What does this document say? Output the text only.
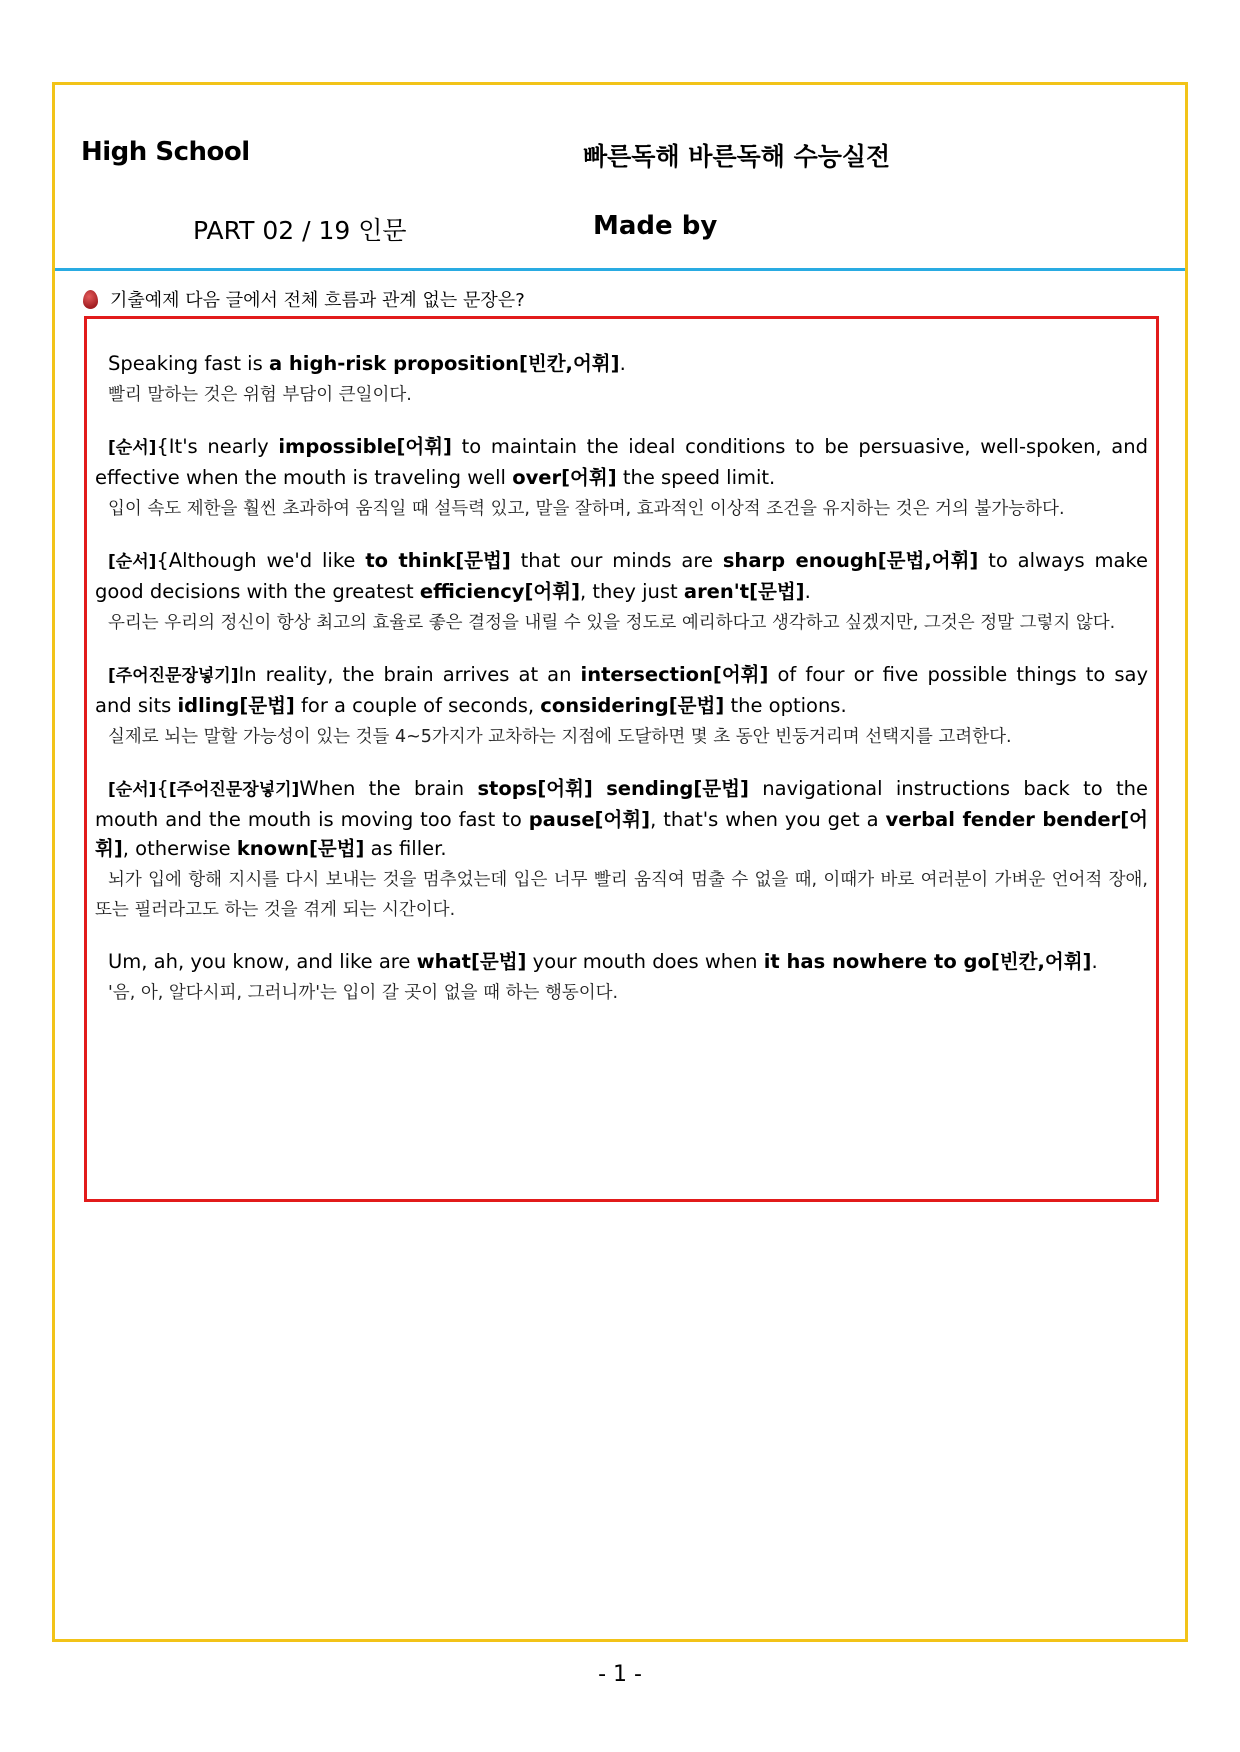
High School	빠른독해 바른독해 수능실전
PART 02 / 19 인문	Made by
기출예제 다음 글에서 전체 흐름과 관계 없는 문장은?
Speaking fast is a high-risk proposition[빈칸,어휘].
빨리 말하는 것은 위험 부담이 큰일이다.
[순서]{It's nearly impossible[어휘] to maintain the ideal conditions to be persuasive, well-spoken, and effective when the mouth is traveling well over[어휘] the speed limit.
입이 속도 제한을 훨씬 초과하여 움직일 때 설득력 있고, 말을 잘하며, 효과적인 이상적 조건을 유지하는 것은 거의 불가능하다.
[순서]{Although we'd like to think[문법] that our minds are sharp enough[문법,어휘] to always make good decisions with the greatest efficiency[어휘], they just aren't[문법].
우리는 우리의 정신이 항상 최고의 효율로 좋은 결정을 내릴 수 있을 정도로 예리하다고 생각하고 싶겠지만, 그것은 정말 그렇지 않다.
[주어진문장넣기]In reality, the brain arrives at an intersection[어휘] of four or five possible things to say and sits idling[문법] for a couple of seconds, considering[문법] the options.
실제로 뇌는 말할 가능성이 있는 것들 4~5가지가 교차하는 지점에 도달하면 몇 초 동안 빈둥거리며 선택지를 고려한다.
[순서]{[주어진문장넣기]When the brain stops[어휘] sending[문법] navigational instructions back to the mouth and the mouth is moving too fast to pause[어휘], that's when you get a verbal fender bender[어휘], otherwise known[문법] as filler.
뇌가 입에 항해 지시를 다시 보내는 것을 멈추었는데 입은 너무 빨리 움직여 멈출 수 없을 때, 이때가 바로 여러분이 가벼운 언어적 장애, 또는 필러라고도 하는 것을 겪게 되는 시간이다.
Um, ah, you know, and like are what[문법] your mouth does when it has nowhere to go[빈칸,어휘].
'음, 아, 알다시피, 그러니까'는 입이 갈 곳이 없을 때 하는 행동이다.
- 1 -
